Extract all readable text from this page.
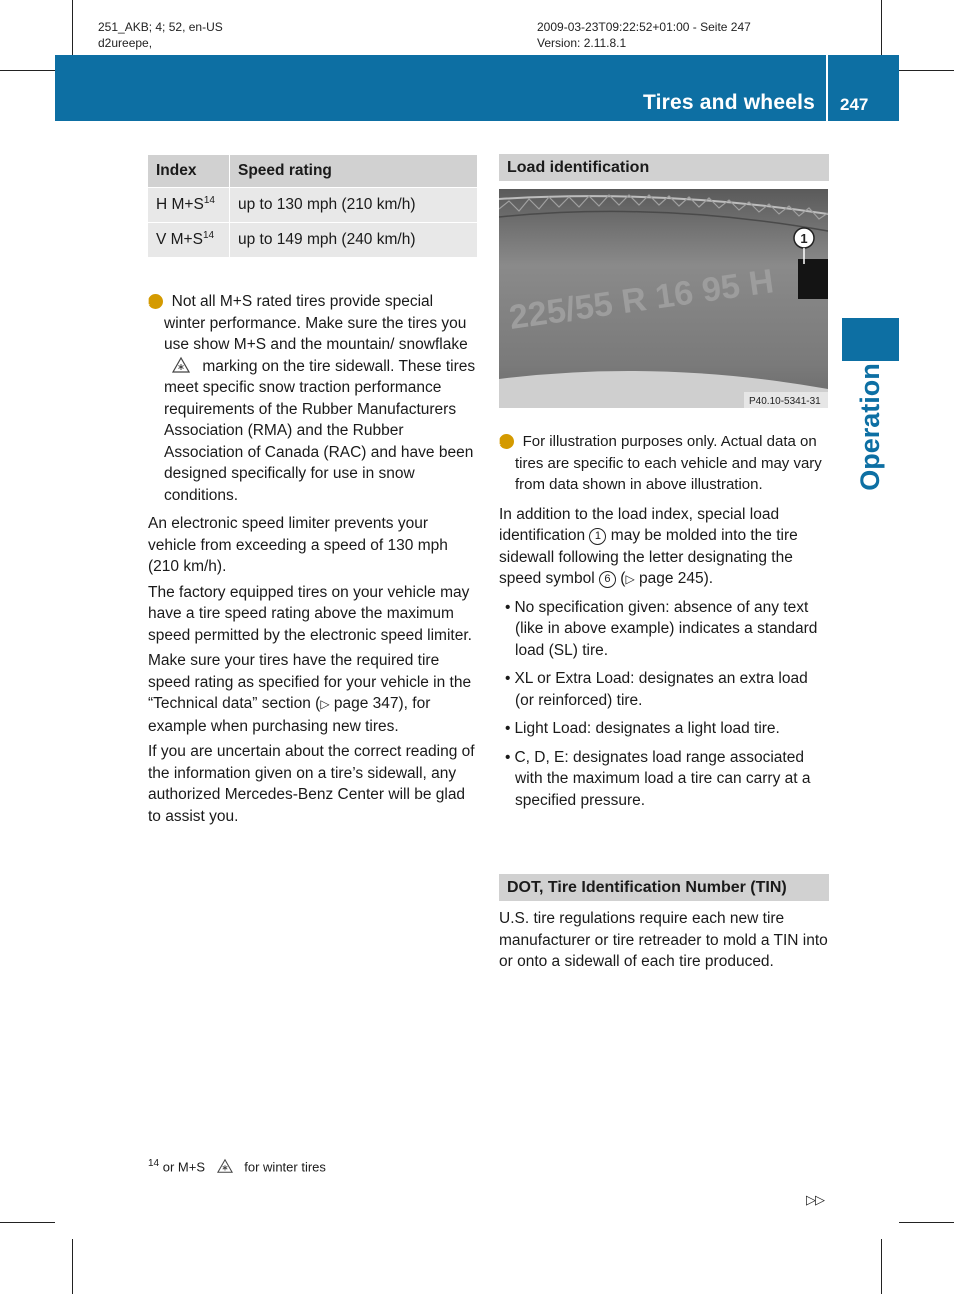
251_AKB; 4; 52, en-US
d2ureepe,
2009-03-23T09:22:52+01:00 - Seite 247
Version: 2.11.8.1
Tires and wheels 247
Operation
Index	Speed rating
H $M+S^{14}$	up to 130 mph (210 km/h)
V $M+S^{14}$	up to 149 mph (240 km/h)

i Not all M+S rated tires provide special winter performance. Make sure the tires you use show M+S and the mountain/ snowflake  marking on the tire sidewall. These tires meet specific snow traction performance requirements of the Rubber Manufacturers Association (RMA) and the Rubber Association of Canada (RAC) and have been designed specifically for use in snow conditions.

An electronic speed limiter prevents your vehicle from exceeding a speed of 130 mph (210 km/h).

The factory equipped tires on your vehicle may have a tire speed rating above the maximum speed permitted by the electronic speed limiter.

Make sure your tires have the required tire speed rating as specified for your vehicle in the “Technical data” section (▷ page 347), for example when purchasing new tires.

If you are uncertain about the correct reading of the information given on a tire’s sidewall, any authorized Mercedes-Benz Center will be glad to assist you.

Load identification
1
225/55 R 16 95 H
P40.10-5341-31

i For illustration purposes only. Actual data on tires are specific to each vehicle and may vary from data shown in above illustration.

In addition to the load index, special load identification 1 may be molded into the tire sidewall following the letter designating the speed symbol 6 (▷ page 245).

• No specification given: absence of any text (like in above example) indicates a standard load (SL) tire.
• XL or Extra Load: designates an extra load (or reinforced) tire.
• Light Load: designates a light load tire.
• C, D, E: designates load range associated with the maximum load a tire can carry at a specified pressure.
DOT, Tire Identification Number (TIN)

U.S. tire regulations require each new tire manufacturer or tire retreader to mold a TIN into or onto a sidewall of each tire produced.

$^{14}$ or M+S	for winter tires
▷▷
